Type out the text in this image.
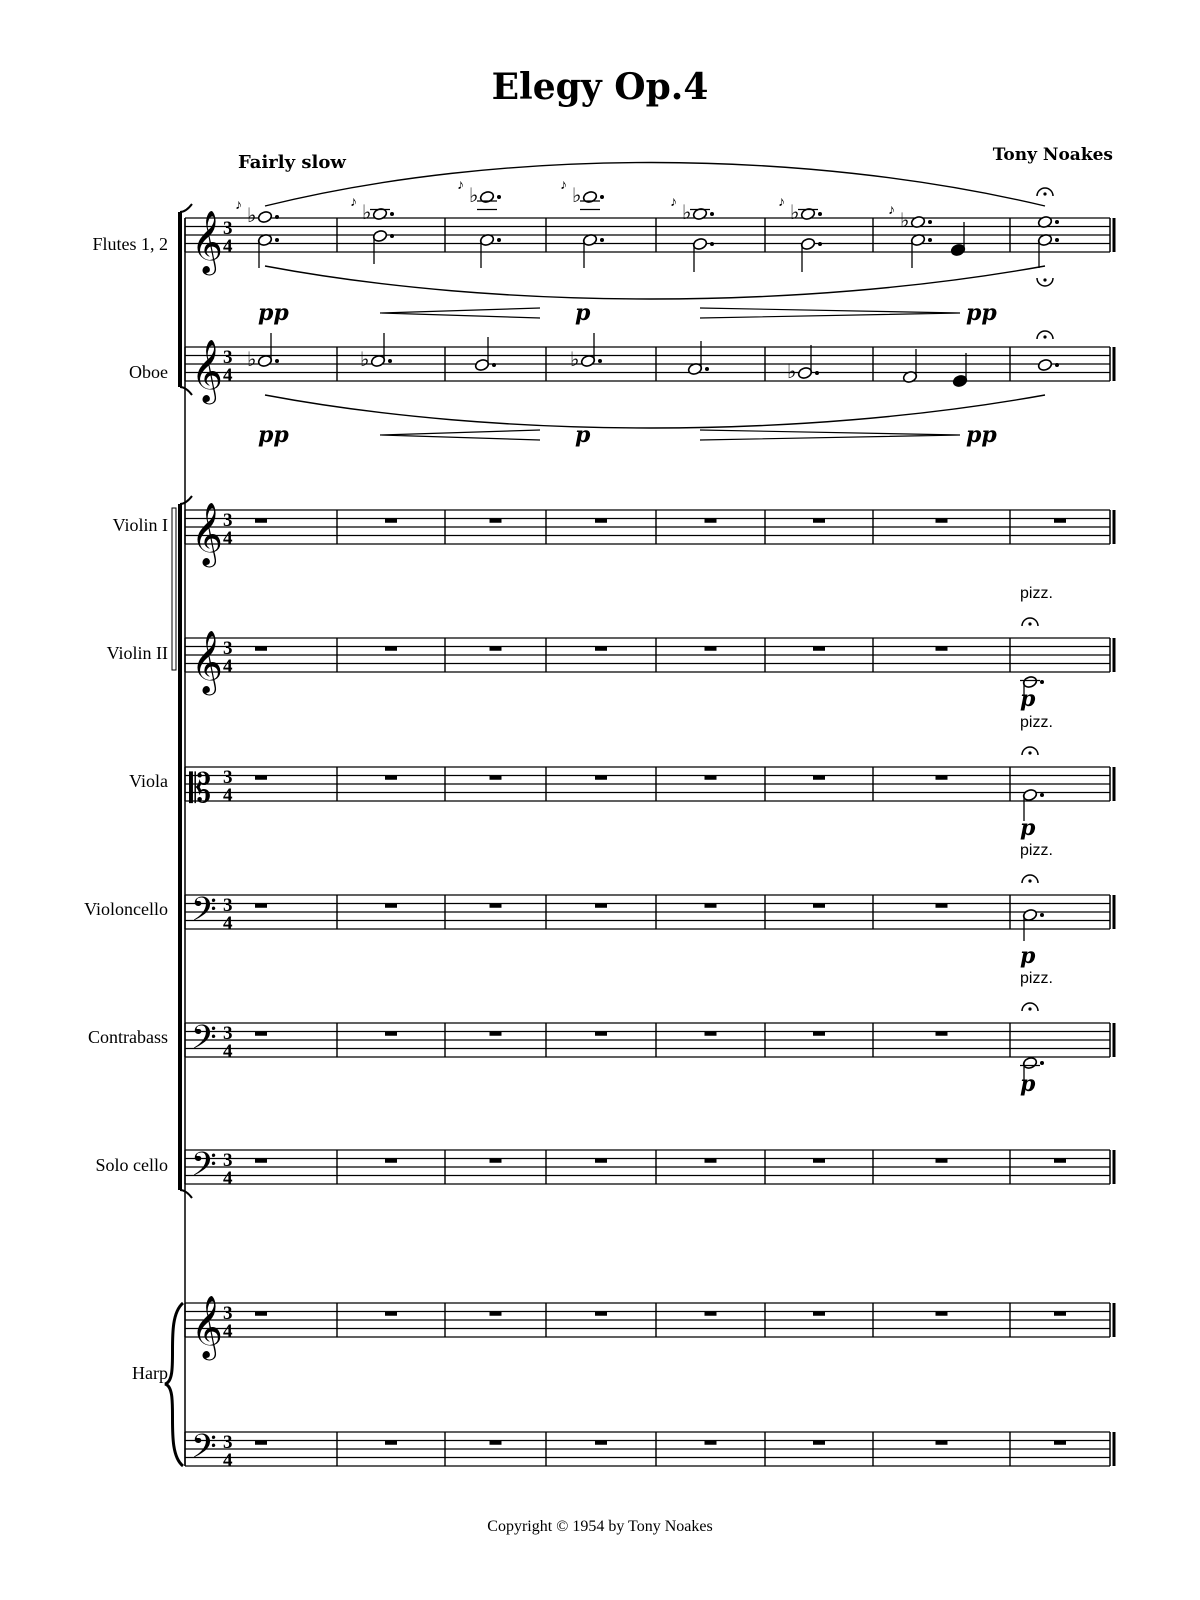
Elegy Op.4
Tony Noakes
Fairly slow
Flutes 1, 2
Oboe
Violin I
Violin II
Viola
Violoncello
Contrabass
Solo cello
Harp
𝄞 3
4
𝄞 3
4
𝄞 3
4
𝄞 3
4
𝄡 3
4
𝄢 3
4
𝄢 3
4
𝄢 3
4
𝄞 3
4
𝄢 3
4
♭
♪	♭
♪	♭
♪	♭
♪
♭
♪	♭
♪
♭
♪
pp	p	pp
♭	♭	♭
♭
pp	p	pp
pizz.
p
pizz.
p
pizz.
p
pizz.
p
Copyright © 1954 by Tony Noakes
